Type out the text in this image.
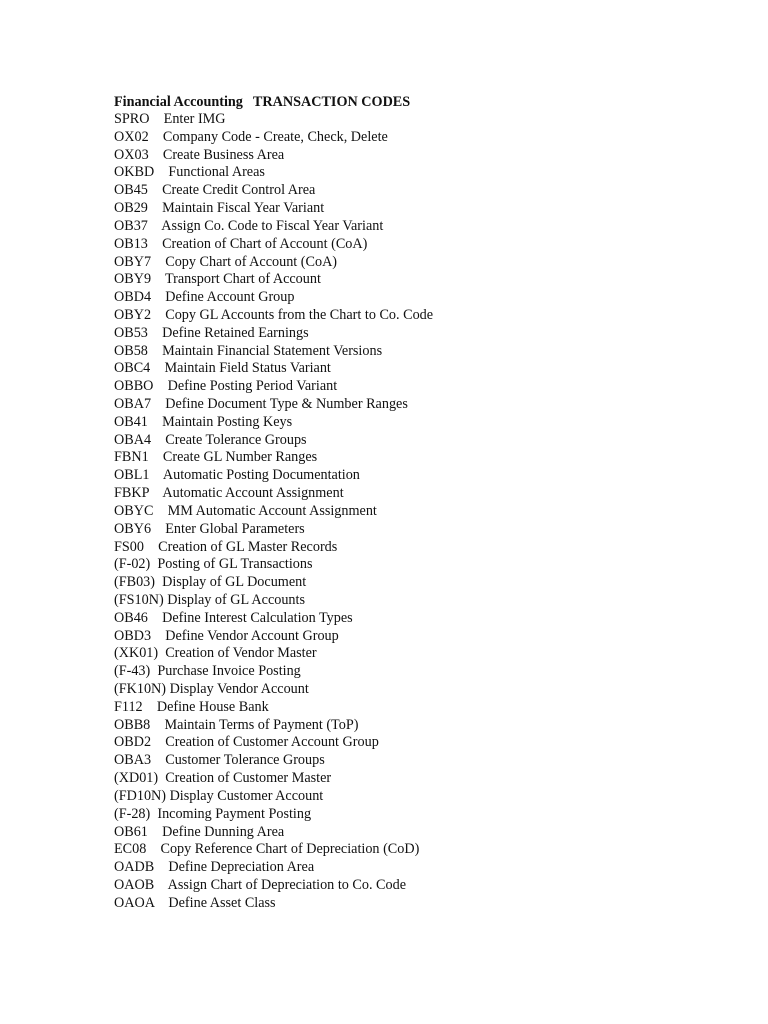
Financial Accounting TRANSACTION CODES
SPRO    Enter IMG
OX02    Company Code - Create, Check, Delete
OX03    Create Business Area
OKBD    Functional Areas
OB45    Create Credit Control Area
OB29    Maintain Fiscal Year Variant
OB37    Assign Co. Code to Fiscal Year Variant
OB13    Creation of Chart of Account (CoA)
OBY7    Copy Chart of Account (CoA)
OBY9    Transport Chart of Account
OBD4    Define Account Group
OBY2    Copy GL Accounts from the Chart to Co. Code
OB53    Define Retained Earnings
OB58    Maintain Financial Statement Versions
OBC4    Maintain Field Status Variant
OBBO    Define Posting Period Variant
OBA7    Define Document Type & Number Ranges
OB41    Maintain Posting Keys
OBA4    Create Tolerance Groups
FBN1    Create GL Number Ranges
OBL1    Automatic Posting Documentation
FBKP    Automatic Account Assignment
OBYC    MM Automatic Account Assignment
OBY6    Enter Global Parameters
FS00    Creation of GL Master Records
(F-02)  Posting of GL Transactions
(FB03)  Display of GL Document
(FS10N) Display of GL Accounts
OB46    Define Interest Calculation Types
OBD3    Define Vendor Account Group
(XK01)  Creation of Vendor Master
(F-43)  Purchase Invoice Posting
(FK10N) Display Vendor Account
F112    Define House Bank
OBB8    Maintain Terms of Payment (ToP)
OBD2    Creation of Customer Account Group
OBA3    Customer Tolerance Groups
(XD01)  Creation of Customer Master
(FD10N) Display Customer Account
(F-28)  Incoming Payment Posting
OB61    Define Dunning Area
EC08    Copy Reference Chart of Depreciation (CoD)
OADB    Define Depreciation Area
OAOB    Assign Chart of Depreciation to Co. Code
OAOA    Define Asset Class
